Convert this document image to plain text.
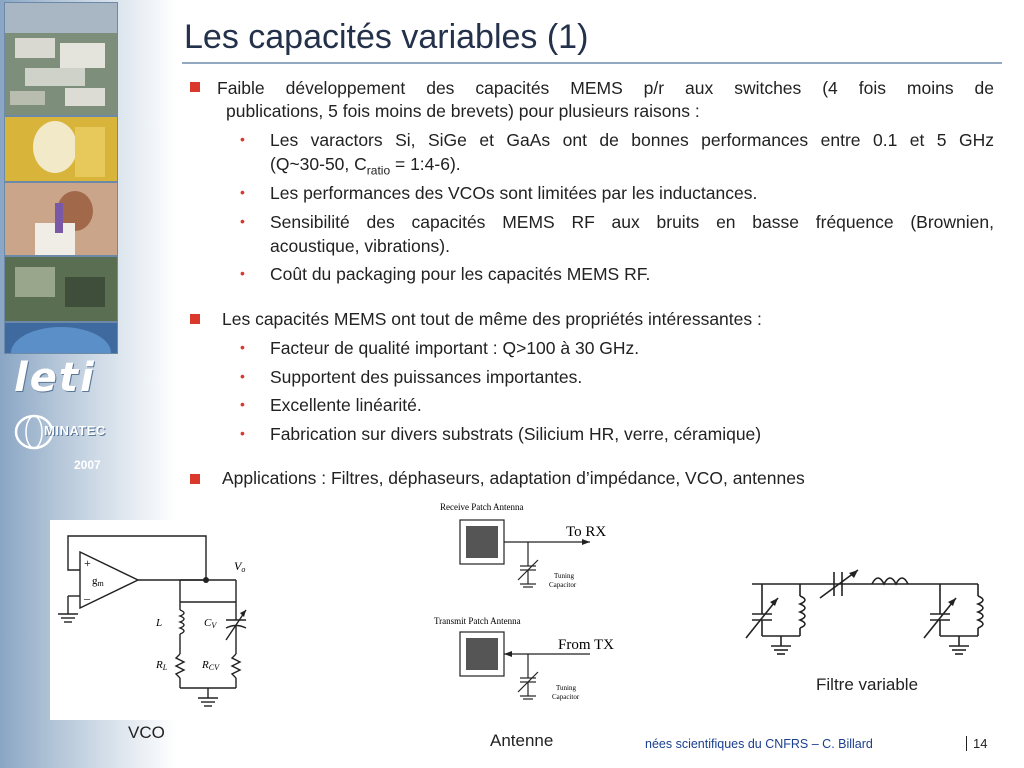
leti
MINATEC
2007
Les capacités variables (1)
Faible développement des capacités MEMS p/r aux switches (4 fois moins de
publications, 5 fois moins de brevets) pour plusieurs raisons :
• Les varactors Si, SiGe et GaAs ont de bonnes performances entre 0.1 et 5 GHz
(Q~30-50, $C_{ratio}$ = 1:4-6).
• Les performances des VCOs sont limitées par les inductances.
• Sensibilité des capacités MEMS RF aux bruits en basse fréquence (Brownien,
acoustique, vibrations).
• Coût du packaging pour les capacités MEMS RF.
Les capacités MEMS ont tout de même des propriétés intéressantes :
• Facteur de qualité important : Q>100 à 30 GHz.
• Supportent des puissances importantes.
• Excellente linéarité.
• Fabrication sur divers substrats (Silicium HR, verre, céramique)
Applications : Filtres, déphaseurs, adaptation d’impédance, VCO, antennes
+
–
gm
Vo
L	CV
RL	RCV
VCO
Receive Patch Antenna
To RX
Tuning
Capacitor
Transmit Patch Antenna
From TX
Tuning
Capacitor
Antenne
Filtre variable
nées scientifiques du CNFRS – C. Billard	14
